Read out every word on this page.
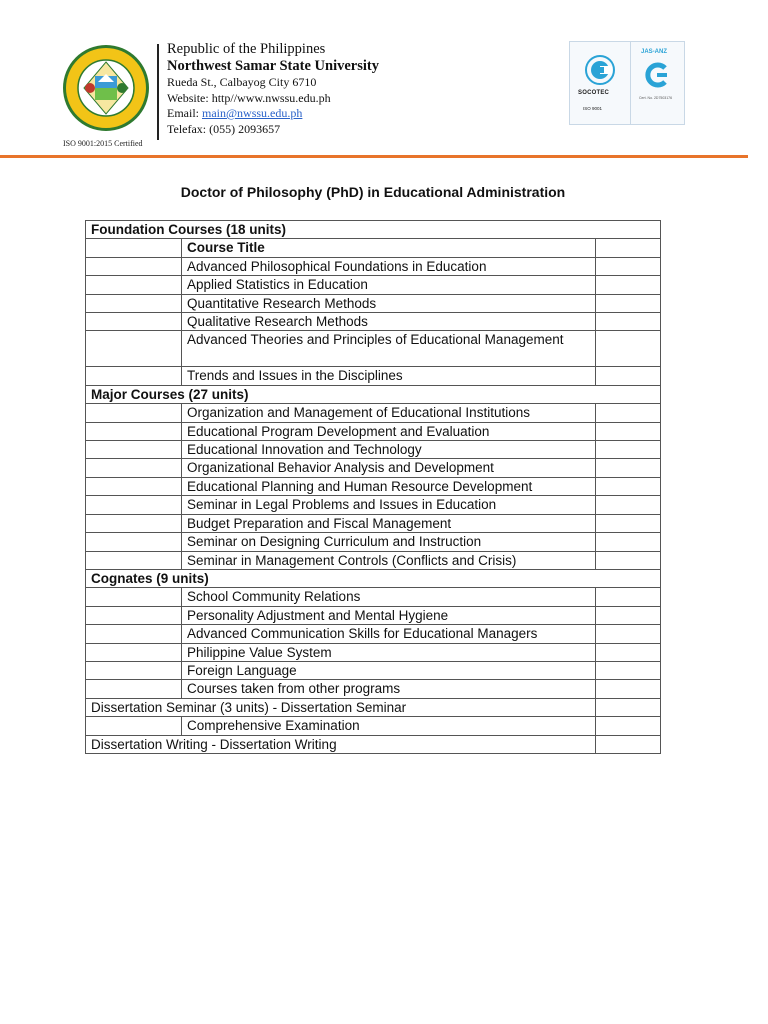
Republic of the Philippines
Northwest Samar State University
Rueda St., Calbayog City 6710
Website: http//www.nwssu.edu.ph
Email: main@nwssu.edu.ph
Telefax: (055) 2093657
ISO 9001:2015 Certified
SOCOTEC
ISO 9001
JAS-ANZ
Cert. No. 2D7503176
Doctor of Philosophy (PhD) in Educational Administration
Foundation Courses (18 units)		
	Course Title	
	Advanced Philosophical Foundations in Education	
	Applied Statistics in Education	
	Quantitative Research Methods	
	Qualitative Research Methods	
	Advanced Theories and Principles of Educational Management	
	Trends and Issues in the Disciplines	
Major Courses (27 units)		
	Organization and Management of Educational Institutions	
	Educational Program Development and Evaluation	
	Educational Innovation and Technology	
	Organizational Behavior Analysis and Development	
	Educational Planning and Human Resource Development	
	Seminar in Legal Problems and Issues in Education	
	Budget Preparation and Fiscal Management	
	Seminar on Designing Curriculum and Instruction	
	Seminar in Management Controls (Conflicts and Crisis)	
Cognates (9 units)		
	School Community Relations	
	Personality Adjustment and Mental Hygiene	
	Advanced Communication Skills for Educational Managers	
	Philippine Value System	
	Foreign Language	
	Courses taken from other programs	
Dissertation Seminar (3 units) - Dissertation Seminar		
	Comprehensive Examination	
Dissertation Writing - Dissertation Writing		
